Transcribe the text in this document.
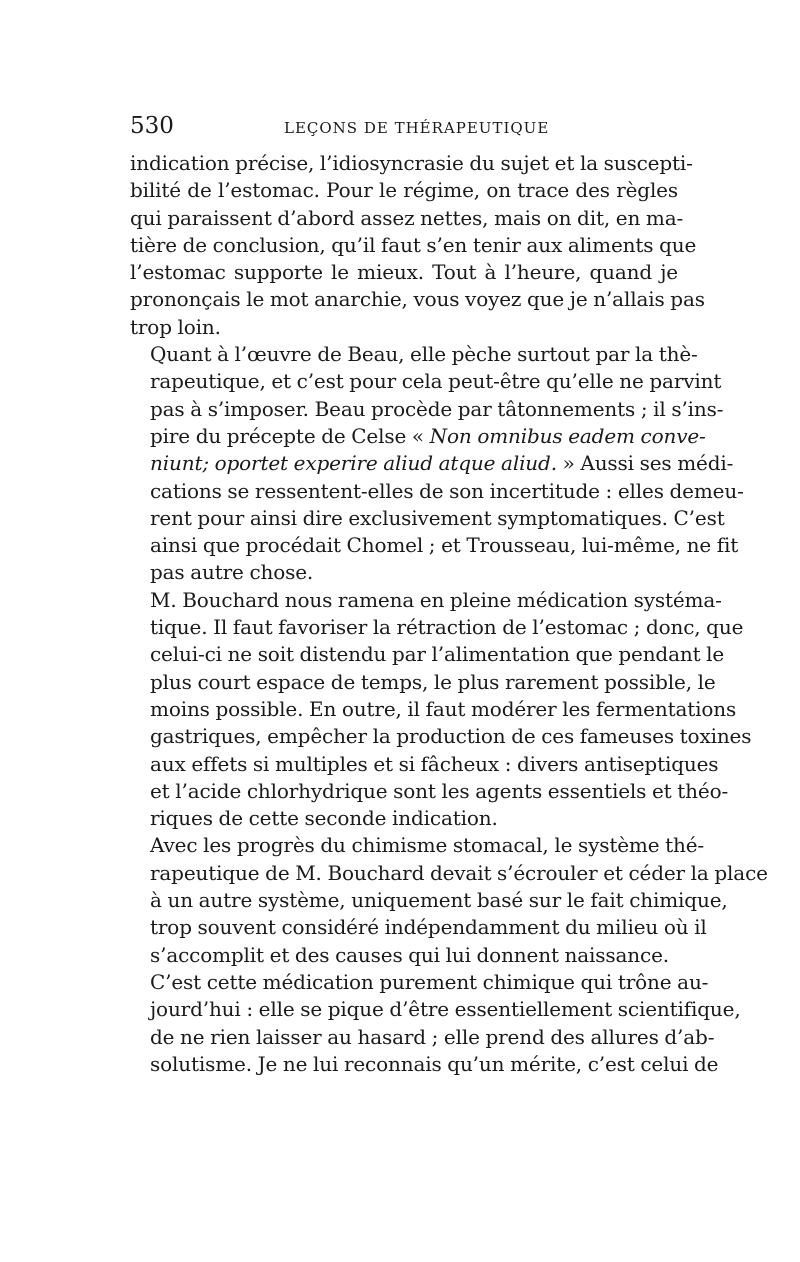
530	LEÇONS DE THÉRAPEUTIQUE

indication précise, l’idiosyncrasie du sujet et la suscepti-
bilité de l’estomac. Pour le régime, on trace des règles
qui paraissent d’abord assez nettes, mais on dit, en ma-
tière de conclusion, qu’il faut s’en tenir aux aliments que
l’estomac supporte le mieux. Tout à l’heure, quand je
prononçais le mot anarchie, vous voyez que je n’allais pas
trop loin.

Quant à l’œuvre de Beau, elle pèche surtout par la thè-
rapeutique, et c’est pour cela peut-être qu’elle ne parvint
pas à s’imposer. Beau procède par tâtonnements ; il s’ins-
pire du précepte de Celse « Non omnibus eadem conve-
niunt; oportet experire aliud atque aliud. » Aussi ses médi-
cations se ressentent-elles de son incertitude : elles demeu-
rent pour ainsi dire exclusivement symptomatiques. C’est
ainsi que procédait Chomel ; et Trousseau, lui-même, ne fit
pas autre chose.

M. Bouchard nous ramena en pleine médication systéma-
tique. Il faut favoriser la rétraction de l’estomac ; donc, que
celui-ci ne soit distendu par l’alimentation que pendant le
plus court espace de temps, le plus rarement possible, le
moins possible. En outre, il faut modérer les fermentations
gastriques, empêcher la production de ces fameuses toxines
aux effets si multiples et si fâcheux : divers antiseptiques
et l’acide chlorhydrique sont les agents essentiels et théo-
riques de cette seconde indication.

Avec les progrès du chimisme stomacal, le système thé-
rapeutique de M. Bouchard devait s’écrouler et céder la place
à un autre système, uniquement basé sur le fait chimique,
trop souvent considéré indépendamment du milieu où il
s’accomplit et des causes qui lui donnent naissance.

C’est cette médication purement chimique qui trône au-
jourd’hui : elle se pique d’être essentiellement scientifique,
de ne rien laisser au hasard ; elle prend des allures d’ab-
solutisme. Je ne lui reconnais qu’un mérite, c’est celui de
